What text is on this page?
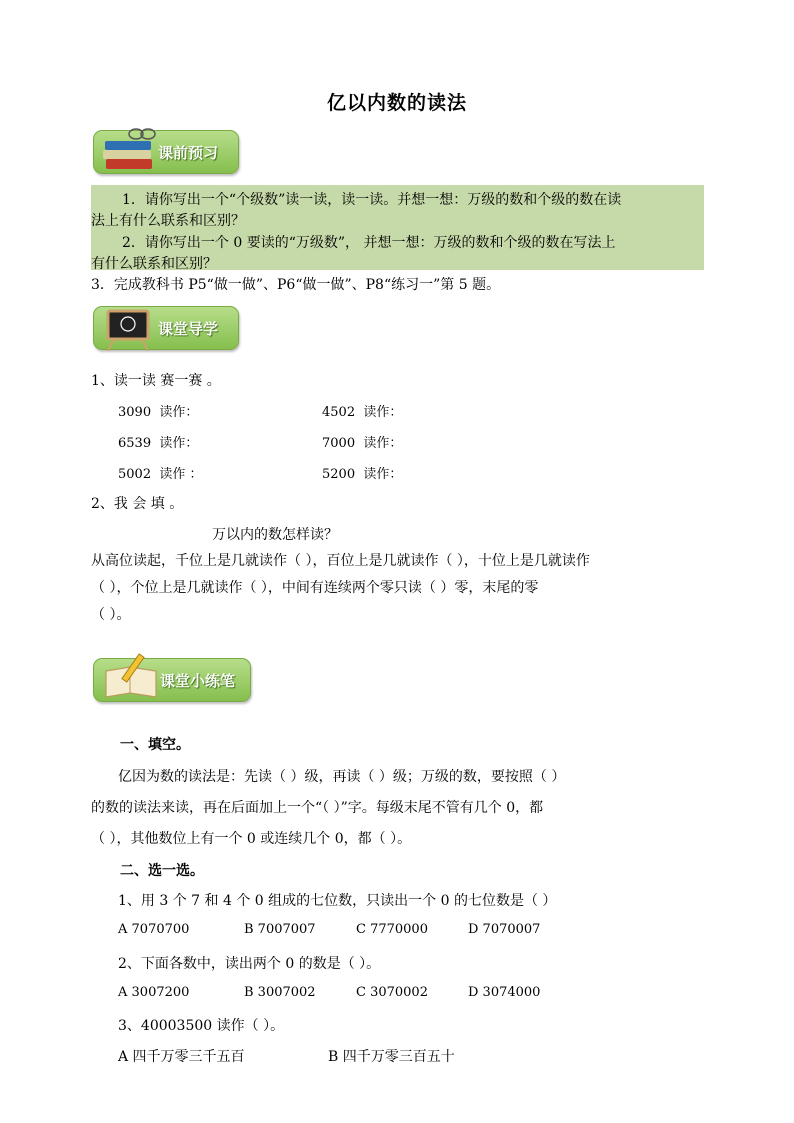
亿以内数的读法
课前预习
1．请你写出一个“个级数”读一读，读一读。并想一想：万级的数和个级的数在读
法上有什么联系和区别？
2．请你写出一个 0 要读的“万级数”， 并想一想：万级的数和个级的数在写法上
有什么联系和区别？
3．完成教科书 P5“做一做”、P6“做一做”、P8“练习一”第 5 题。
课堂导学
1、读一读 赛一赛 。
3090 读作：	4502 读作：
6539 读作：	7000 读作：
5002 读作 ：	5200 读作：
2、我 会 填 。
万以内的数怎样读？
从高位读起，千位上是几就读作（ ），百位上是几就读作（ ），十位上是几就读作
（ ），个位上是几就读作（ ），中间有连续两个零只读（ ）零，末尾的零
（ ）。
课堂小练笔
一、填空。
亿因为数的读法是：先读（ ）级，再读（ ）级；万级的数，要按照（ ）
的数的读法来读，再在后面加上一个“（ ）”字。每级末尾不管有几个 0，都
（ ），其他数位上有一个 0 或连续几个 0，都（ ）。
二、选一选。
1、用 3 个 7 和 4 个 0 组成的七位数，只读出一个 0 的七位数是（ ）
A 7070700	B 7007007	C 7770000	D 7070007
2、下面各数中，读出两个 0 的数是（ ）。
A 3007200	B 3007002	C 3070002	D 3074000
3、40003500 读作（ ）。
A 四千万零三千五百	B 四千万零三百五十
